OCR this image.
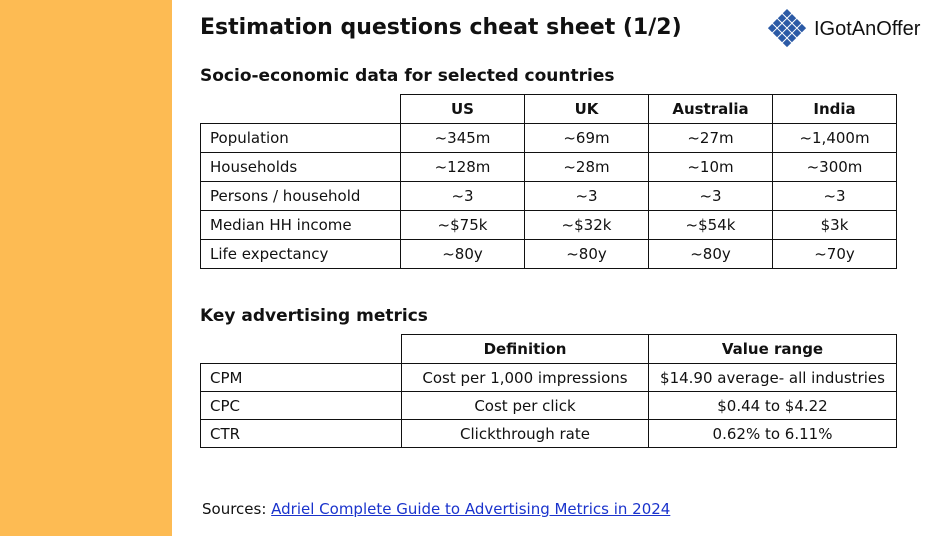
Estimation questions cheat sheet (1/2)	IGotAnOffer
Socio-economic data for selected countries
	US	UK	Australia	India
Population	~345m	~69m	~27m	~1,400m
Households	~128m	~28m	~10m	~300m
Persons / household	~3	~3	~3	~3
Median HH income	~$75k	~$32k	~$54k	$3k
Life expectancy	~80y	~80y	~80y	~70y
Key advertising metrics
	Definition	Value range
CPM	Cost per 1,000 impressions	$14.90 average- all industries
CPC	Cost per click	$0.44 to $4.22
CTR	Clickthrough rate	0.62% to 6.11%
Sources: Adriel Complete Guide to Advertising Metrics in 2024
